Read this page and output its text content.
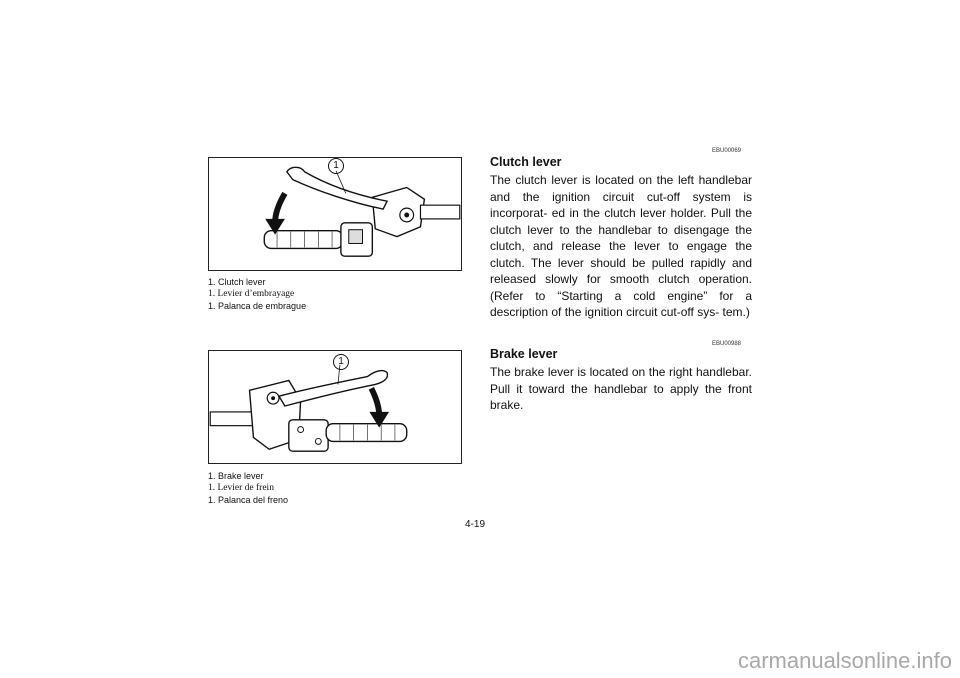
1
1. Clutch lever
1. Levier d’embrayage
1. Palanca de embrague
1
1. Brake lever
1. Levier de frein
1. Palanca del freno
EBU00069
Clutch lever
The clutch lever is located on the left handlebar and the ignition circuit cut-off system is incorporat- ed in the clutch lever holder. Pull the clutch lever to the handlebar to disengage the clutch, and release the lever to engage the clutch. The lever should be pulled rapidly and released slowly for smooth clutch operation. (Refer to “Starting a cold engine” for a description of the ignition circuit cut-off sys- tem.)
EBU00988
Brake lever
The brake lever is located on the right handlebar. Pull it toward the handlebar to apply the front brake.
4-19
carmanualsonline.info
